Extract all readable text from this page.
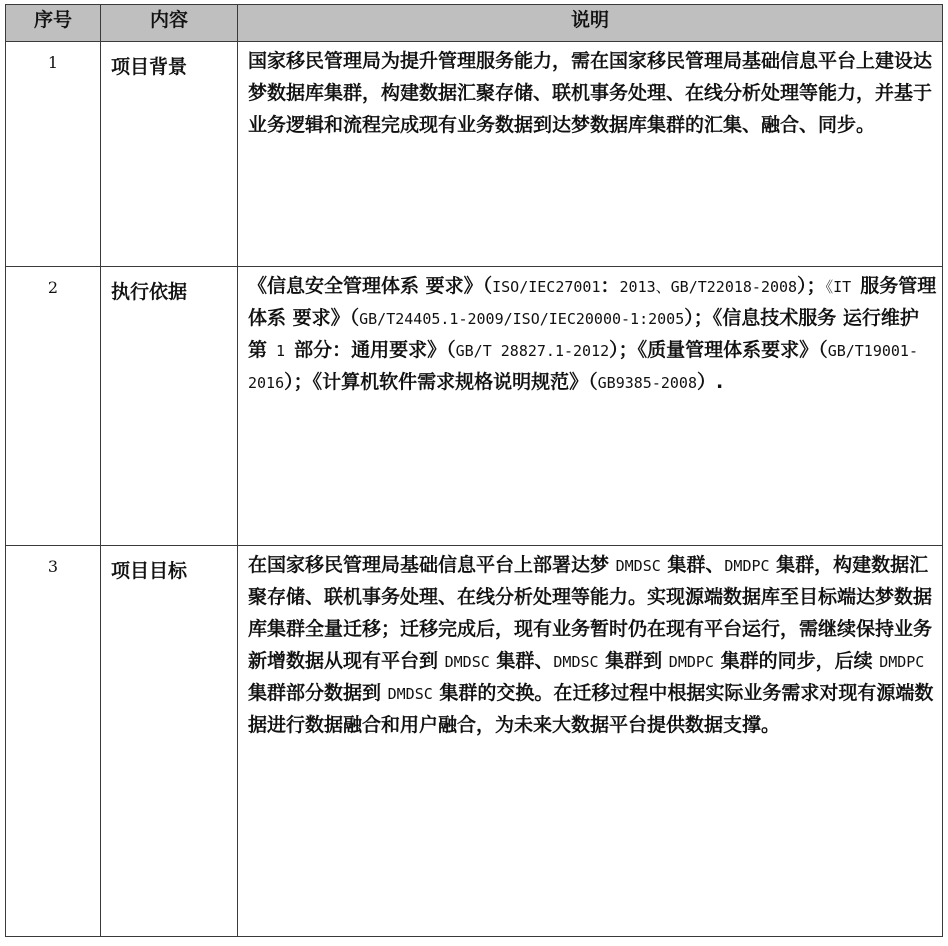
序号	内容	说明
1	项目背景	国家移民管理局为提升管理服务能力，需在国家移民管理局基础信息平台上建设达梦数据库集群，构建数据汇聚存储、联机事务处理、在线分析处理等能力，并基于业务逻辑和流程完成现有业务数据到达梦数据库集群的汇集、融合、同步。
2	执行依据	《信息安全管理体系 要求》（ISO/IEC27001：2013、GB/T22018-2008）；《IT 服务管理体系 要求》（GB/T24405.1-2009/ISO/IEC20000-1:2005）；《信息技术服务 运行维护 第 1 部分：通用要求》（GB/T 28827.1-2012）；《质量管理体系要求》（GB/T19001-2016）；《计算机软件需求规格说明规范》（GB9385-2008）.
3	项目目标	在国家移民管理局基础信息平台上部署达梦 DMDSC 集群、DMDPC 集群，构建数据汇聚存储、联机事务处理、在线分析处理等能力。实现源端数据库至目标端达梦数据库集群全量迁移；迁移完成后，现有业务暂时仍在现有平台运行，需继续保持业务新增数据从现有平台到 DMDSC 集群、DMDSC 集群到 DMDPC 集群的同步，后续 DMDPC 集群部分数据到 DMDSC 集群的交换。在迁移过程中根据实际业务需求对现有源端数据进行数据融合和用户融合，为未来大数据平台提供数据支撑。
